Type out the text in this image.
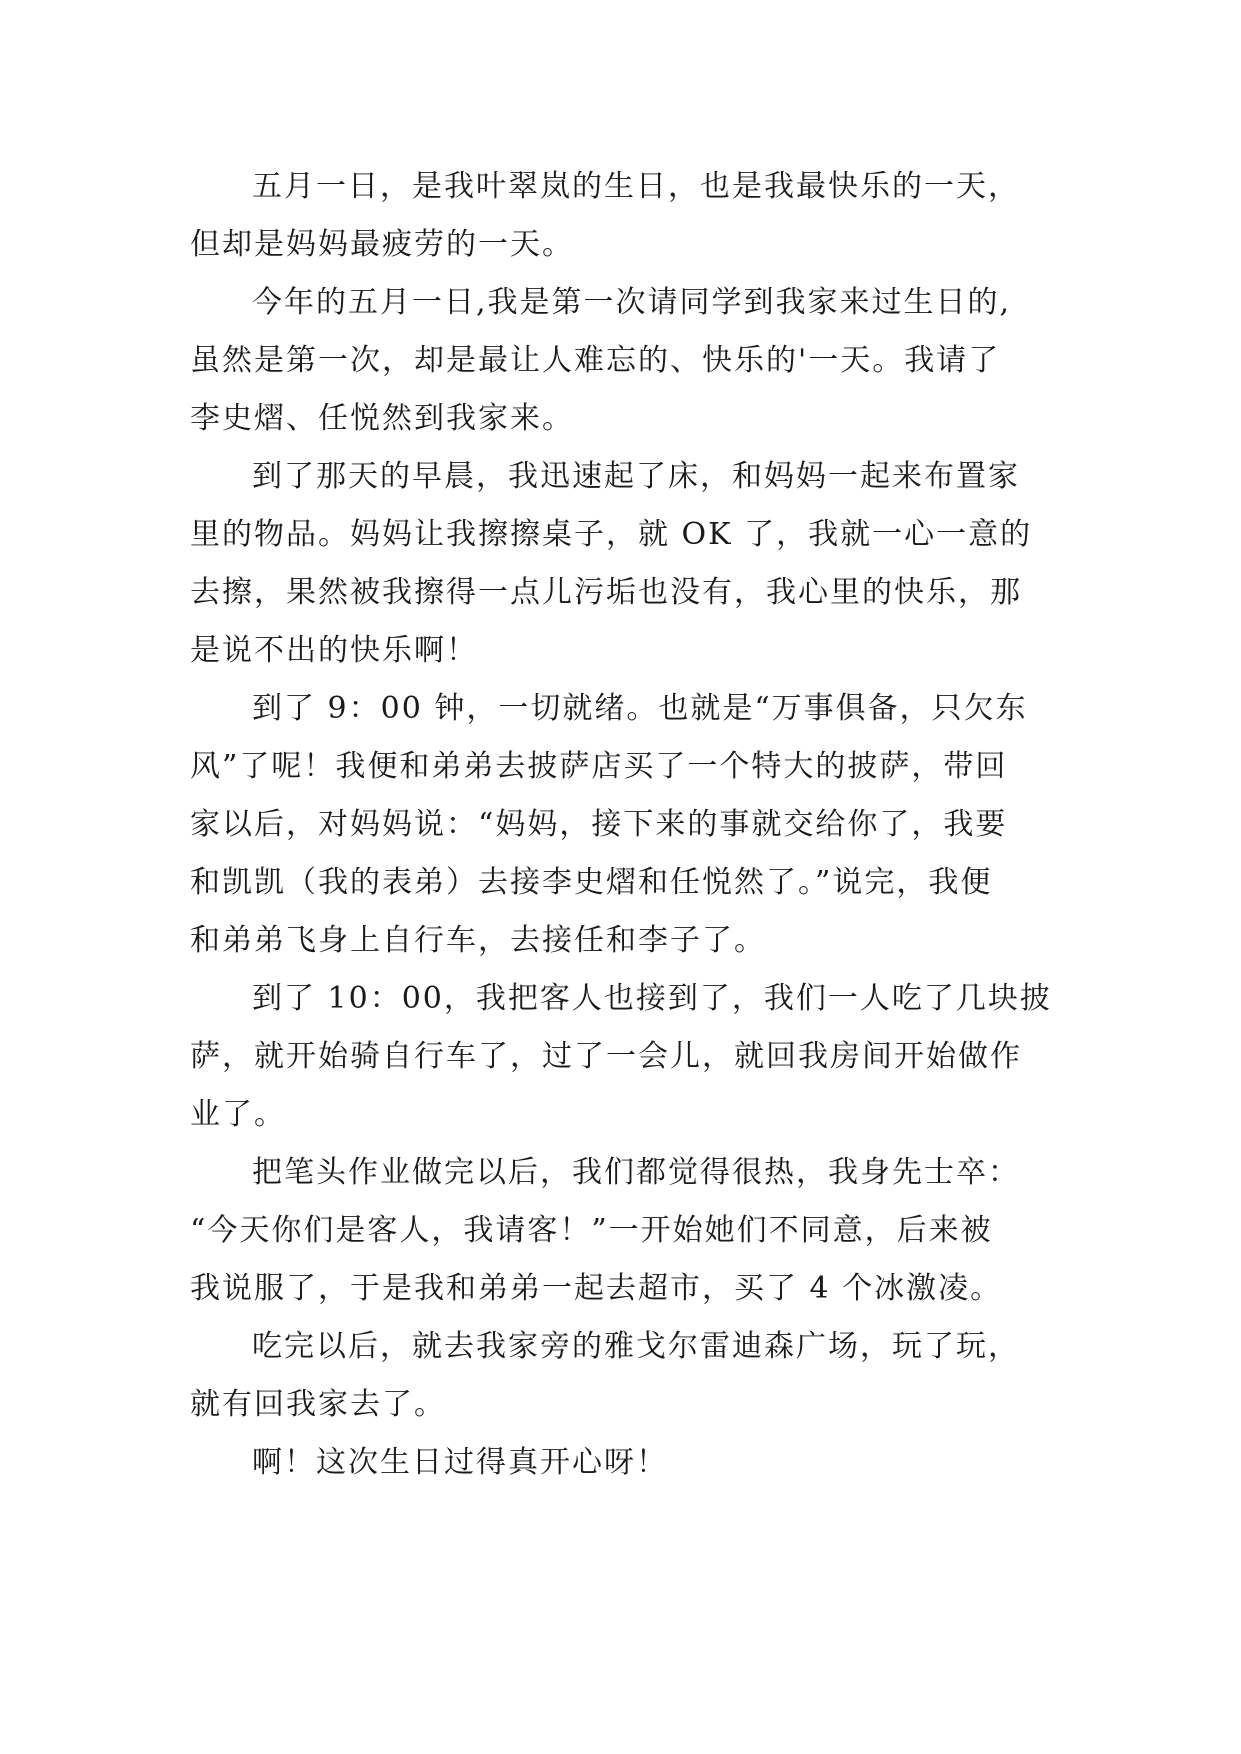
五月一日，是我叶翠岚的生日，也是我最快乐的一天，
但却是妈妈最疲劳的一天。
今年的五月一日,我是第一次请同学到我家来过生日的,
虽然是第一次，却是最让人难忘的、快乐的'一天。我请了
李史熠、任悦然到我家来。
到了那天的早晨，我迅速起了床，和妈妈一起来布置家
里的物品。妈妈让我擦擦桌子，就 OK 了，我就一心一意的
去擦，果然被我擦得一点儿污垢也没有，我心里的快乐，那
是说不出的快乐啊！
到了 9：00 钟，一切就绪。也就是“万事俱备，只欠东
风”了呢！我便和弟弟去披萨店买了一个特大的披萨，带回
家以后，对妈妈说：“妈妈，接下来的事就交给你了，我要
和凯凯（我的表弟）去接李史熠和任悦然了。”说完，我便
和弟弟飞身上自行车，去接任和李子了。
到了 10：00，我把客人也接到了，我们一人吃了几块披
萨，就开始骑自行车了，过了一会儿，就回我房间开始做作
业了。
把笔头作业做完以后，我们都觉得很热，我身先士卒：
“今天你们是客人，我请客！”一开始她们不同意，后来被
我说服了，于是我和弟弟一起去超市，买了 4 个冰激凌。
吃完以后，就去我家旁的雅戈尔雷迪森广场，玩了玩，
就有回我家去了。
啊！这次生日过得真开心呀！
